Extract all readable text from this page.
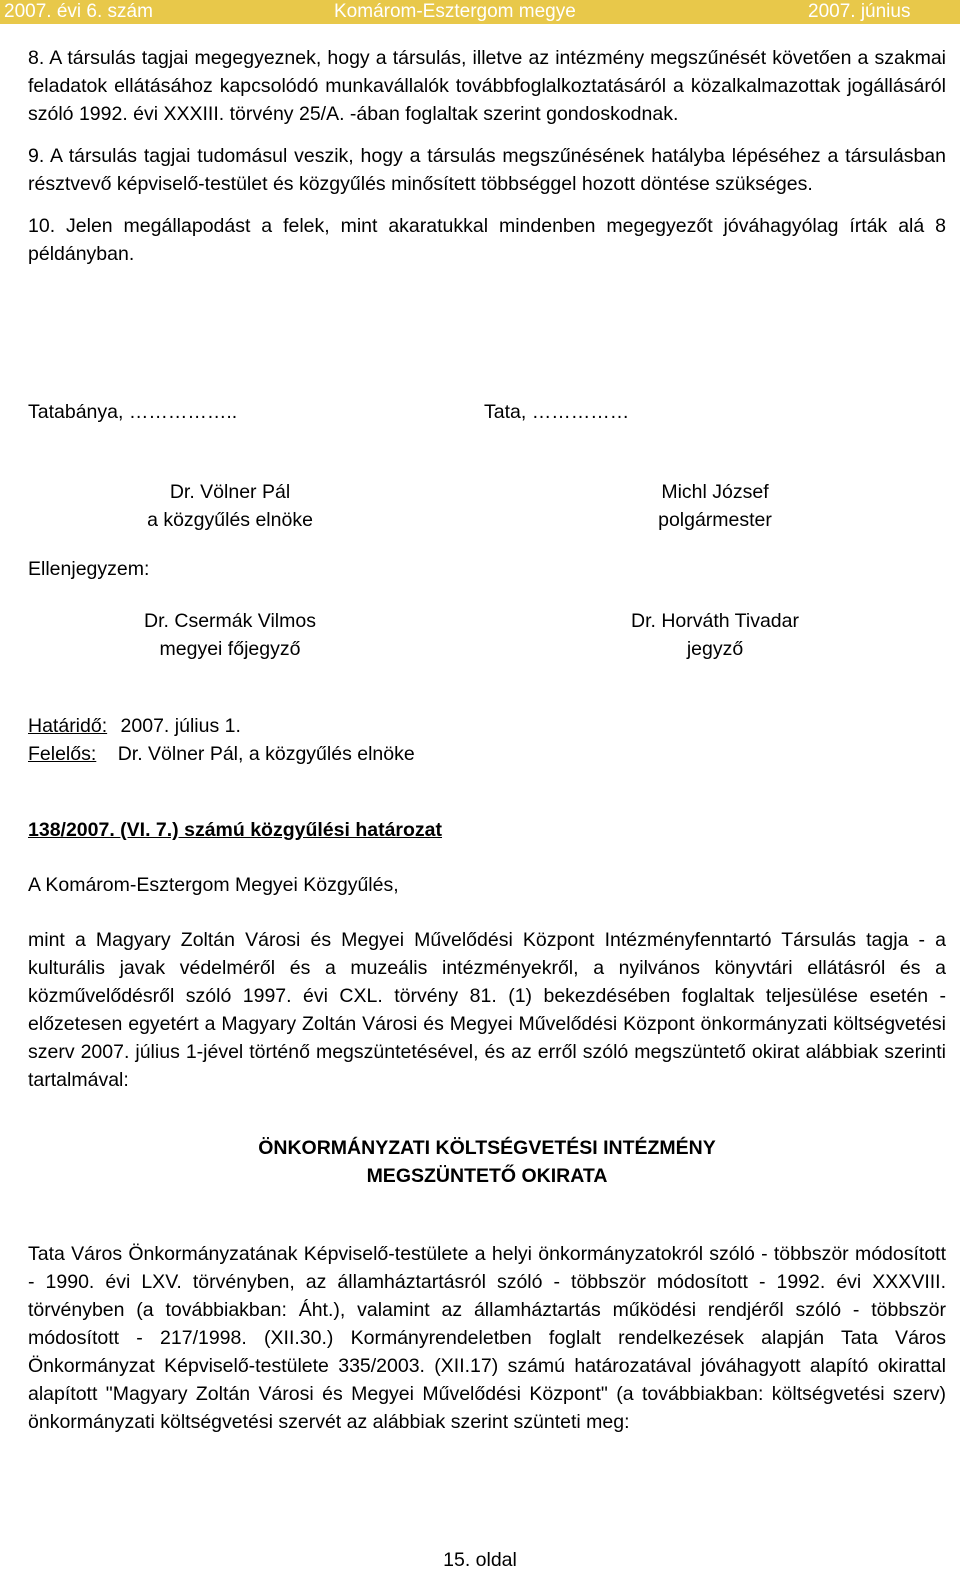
2007. évi 6. szám	Komárom-Esztergom megye	2007. június

8. A társulás tagjai megegyeznek, hogy a társulás, illetve az intézmény megszűnését követően a szakmai feladatok ellátásához kapcsolódó munkavállalók továbbfoglalkoztatásáról a közalkalmazottak jogállásáról szóló 1992. évi XXXIII. törvény 25/A. -ában foglaltak szerint gondoskodnak.

9. A társulás tagjai tudomásul veszik, hogy a társulás megszűnésének hatályba lépéséhez a társulásban résztvevő képviselő-testület és közgyűlés minősített többséggel hozott döntése szükséges.

10. Jelen megállapodást a felek, mint akaratukkal mindenben megegyezőt jóváhagyólag írták alá 8 példányban.

Tatabánya, ……………..	Tata, ……………
Dr. Völner Pál
a közgyűlés elnöke
Michl József
polgármester
Ellenjegyzem:
Dr. Csermák Vilmos
megyei főjegyző
Dr. Horváth Tivadar
jegyző
Határidő: 2007. július 1.
Felelős: Dr. Völner Pál, a közgyűlés elnöke
138/2007. (VI. 7.) számú közgyűlési határozat
A Komárom-Esztergom Megyei Közgyűlés,

mint a Magyary Zoltán Városi és Megyei Művelődési Központ Intézményfenntartó Társulás tagja - a kulturális javak védelméről és a muzeális intézményekről, a nyilvános könyvtári ellátásról és a közművelődésről szóló 1997. évi CXL. törvény 81. (1) bekezdésében foglaltak teljesülése esetén - előzetesen egyetért a Magyary Zoltán Városi és Megyei Művelődési Központ önkormányzati költségvetési szerv 2007. július 1-jével történő megszüntetésével, és az erről szóló megszüntető okirat alábbiak szerinti tartalmával:

ÖNKORMÁNYZATI KÖLTSÉGVETÉSI INTÉZMÉNY
MEGSZÜNTETŐ OKIRATA

Tata Város Önkormányzatának Képviselő-testülete a helyi önkormányzatokról szóló - többször módosított - 1990. évi LXV. törvényben, az államháztartásról szóló - többször módosított - 1992. évi XXXVIII. törvényben (a továbbiakban: Áht.), valamint az államháztartás működési rendjéről szóló - többször módosított - 217/1998. (XII.30.) Kormányrendeletben foglalt rendelkezések alapján Tata Város Önkormányzat Képviselő-testülete 335/2003. (XII.17) számú határozatával jóváhagyott alapító okirattal alapított "Magyary Zoltán Városi és Megyei Művelődési Központ" (a továbbiakban: költségvetési szerv) önkormányzati költségvetési szervét az alábbiak szerint szünteti meg:

15. oldal
